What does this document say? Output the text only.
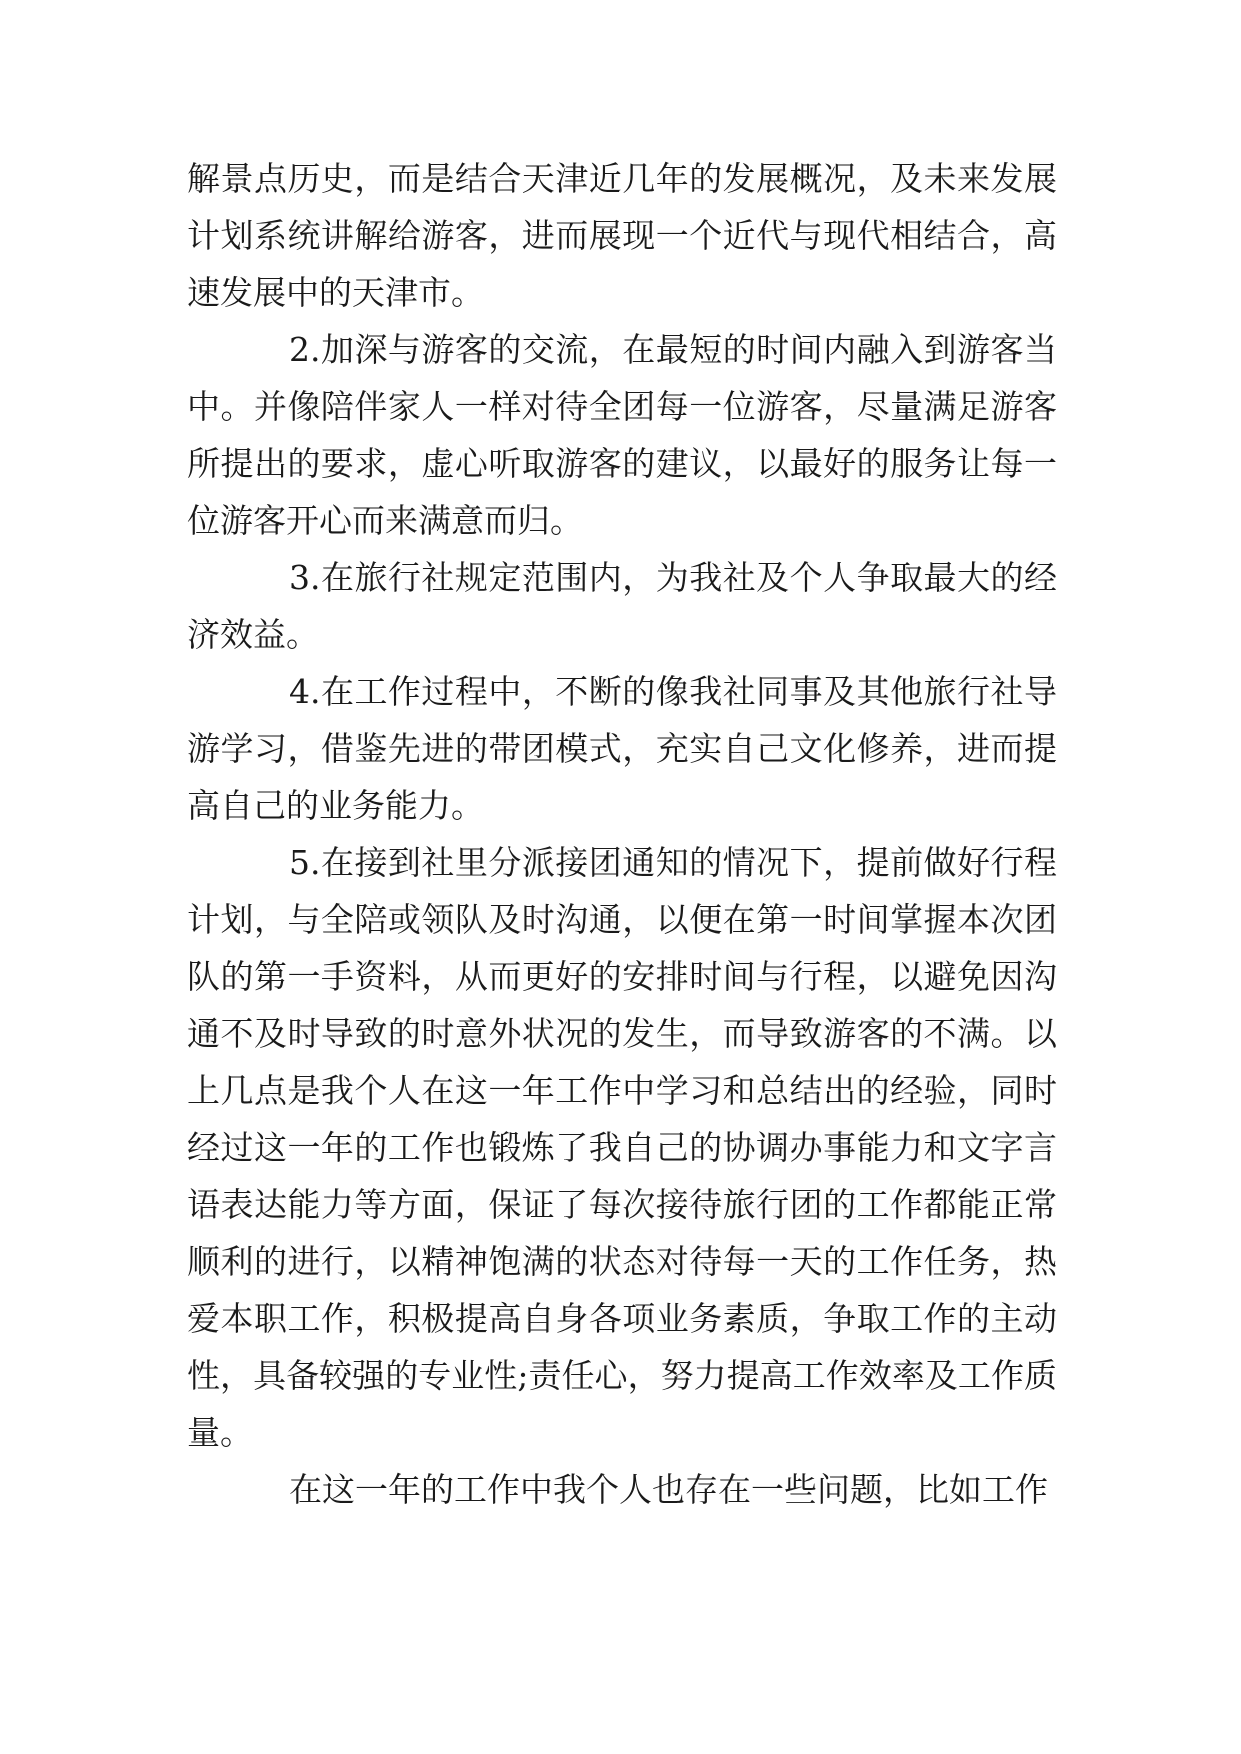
解景点历史，而是结合天津近几年的发展概况，及未来发展计划系统讲解给游客，进而展现一个近代与现代相结合，高速发展中的天津市。

2.加深与游客的交流，在最短的时间内融入到游客当中。并像陪伴家人一样对待全团每一位游客，尽量满足游客所提出的要求，虚心听取游客的建议，以最好的服务让每一位游客开心而来满意而归。

3.在旅行社规定范围内，为我社及个人争取最大的经济效益。

4.在工作过程中，不断的像我社同事及其他旅行社导游学习，借鉴先进的带团模式，充实自己文化修养，进而提高自己的业务能力。

5.在接到社里分派接团通知的情况下，提前做好行程计划，与全陪或领队及时沟通，以便在第一时间掌握本次团队的第一手资料，从而更好的安排时间与行程，以避免因沟通不及时导致的时意外状况的发生，而导致游客的不满。以上几点是我个人在这一年工作中学习和总结出的经验，同时经过这一年的工作也锻炼了我自己的协调办事能力和文字言语表达能力等方面，保证了每次接待旅行团的工作都能正常顺利的进行，以精神饱满的状态对待每一天的工作任务，热爱本职工作，积极提高自身各项业务素质，争取工作的主动性，具备较强的专业性;责任心，努力提高工作效率及工作质量。

在这一年的工作中我个人也存在一些问题，比如工作
